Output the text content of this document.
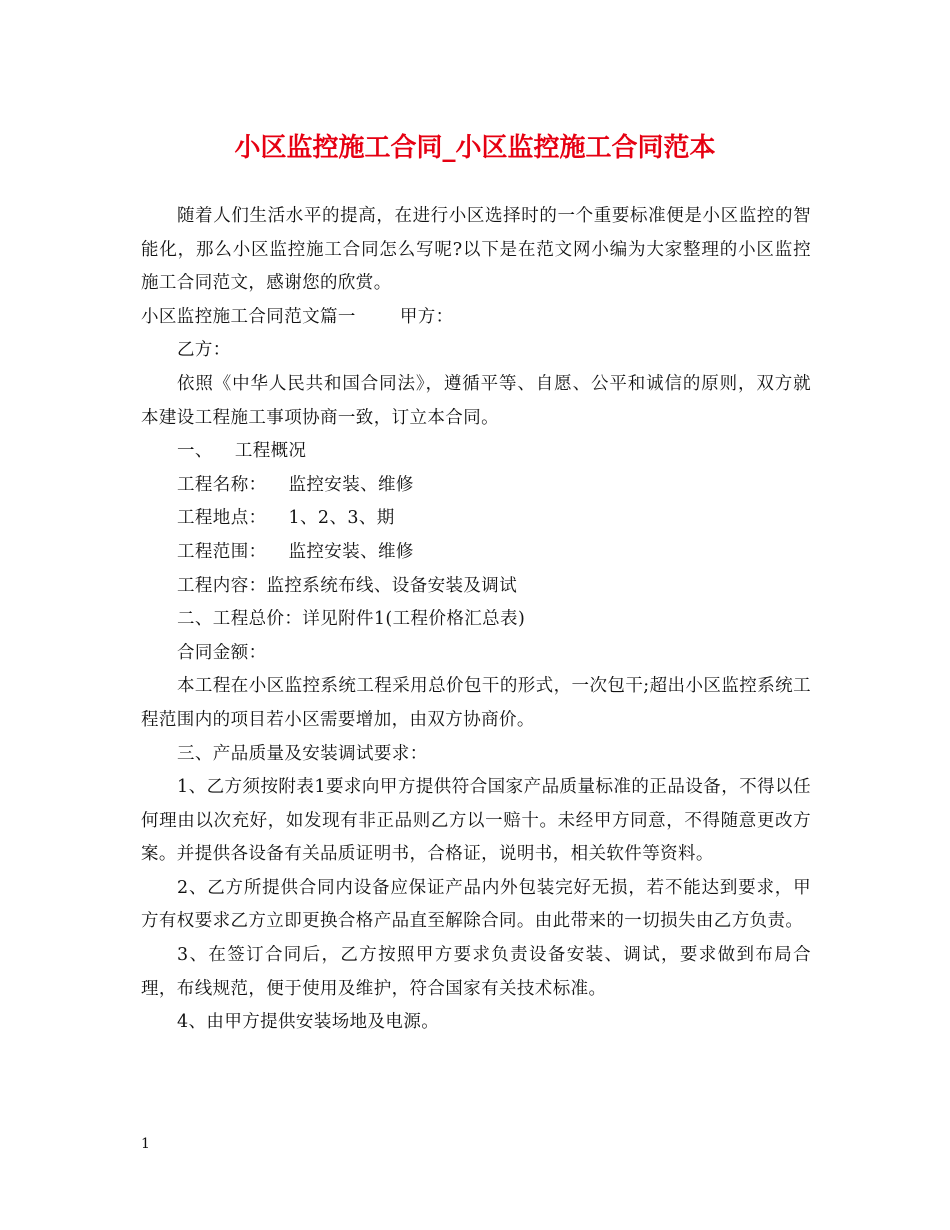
小区监控施工合同_小区监控施工合同范本

随着人们生活水平的提高，在进行小区选择时的一个重要标准便是小区监控的智能化，那么小区监控施工合同怎么写呢?以下是在范文网小编为大家整理的小区监控施工合同范文，感谢您的欣赏。

小区监控施工合同范文篇一	甲方：

乙方：

依照《中华人民共和国合同法》，遵循平等、自愿、公平和诚信的原则，双方就本建设工程施工事项协商一致，订立本合同。

一、 工程概况

工程名称： 监控安装、维修

工程地点： 1、2、3、期

工程范围： 监控安装、维修

工程内容：监控系统布线、设备安装及调试

二、工程总价：详见附件1(工程价格汇总表)

合同金额：

本工程在小区监控系统工程采用总价包干的形式，一次包干;超出小区监控系统工程范围内的项目若小区需要增加，由双方协商价。

三、产品质量及安装调试要求：

1、乙方须按附表1要求向甲方提供符合国家产品质量标准的正品设备，不得以任何理由以次充好，如发现有非正品则乙方以一赔十。未经甲方同意，不得随意更改方案。并提供各设备有关品质证明书，合格证，说明书，相关软件等资料。

2、乙方所提供合同内设备应保证产品内外包装完好无损，若不能达到要求，甲方有权要求乙方立即更换合格产品直至解除合同。由此带来的一切损失由乙方负责。

3、在签订合同后，乙方按照甲方要求负责设备安装、调试，要求做到布局合理，布线规范，便于使用及维护，符合国家有关技术标准。

4、由甲方提供安装场地及电源。

1
